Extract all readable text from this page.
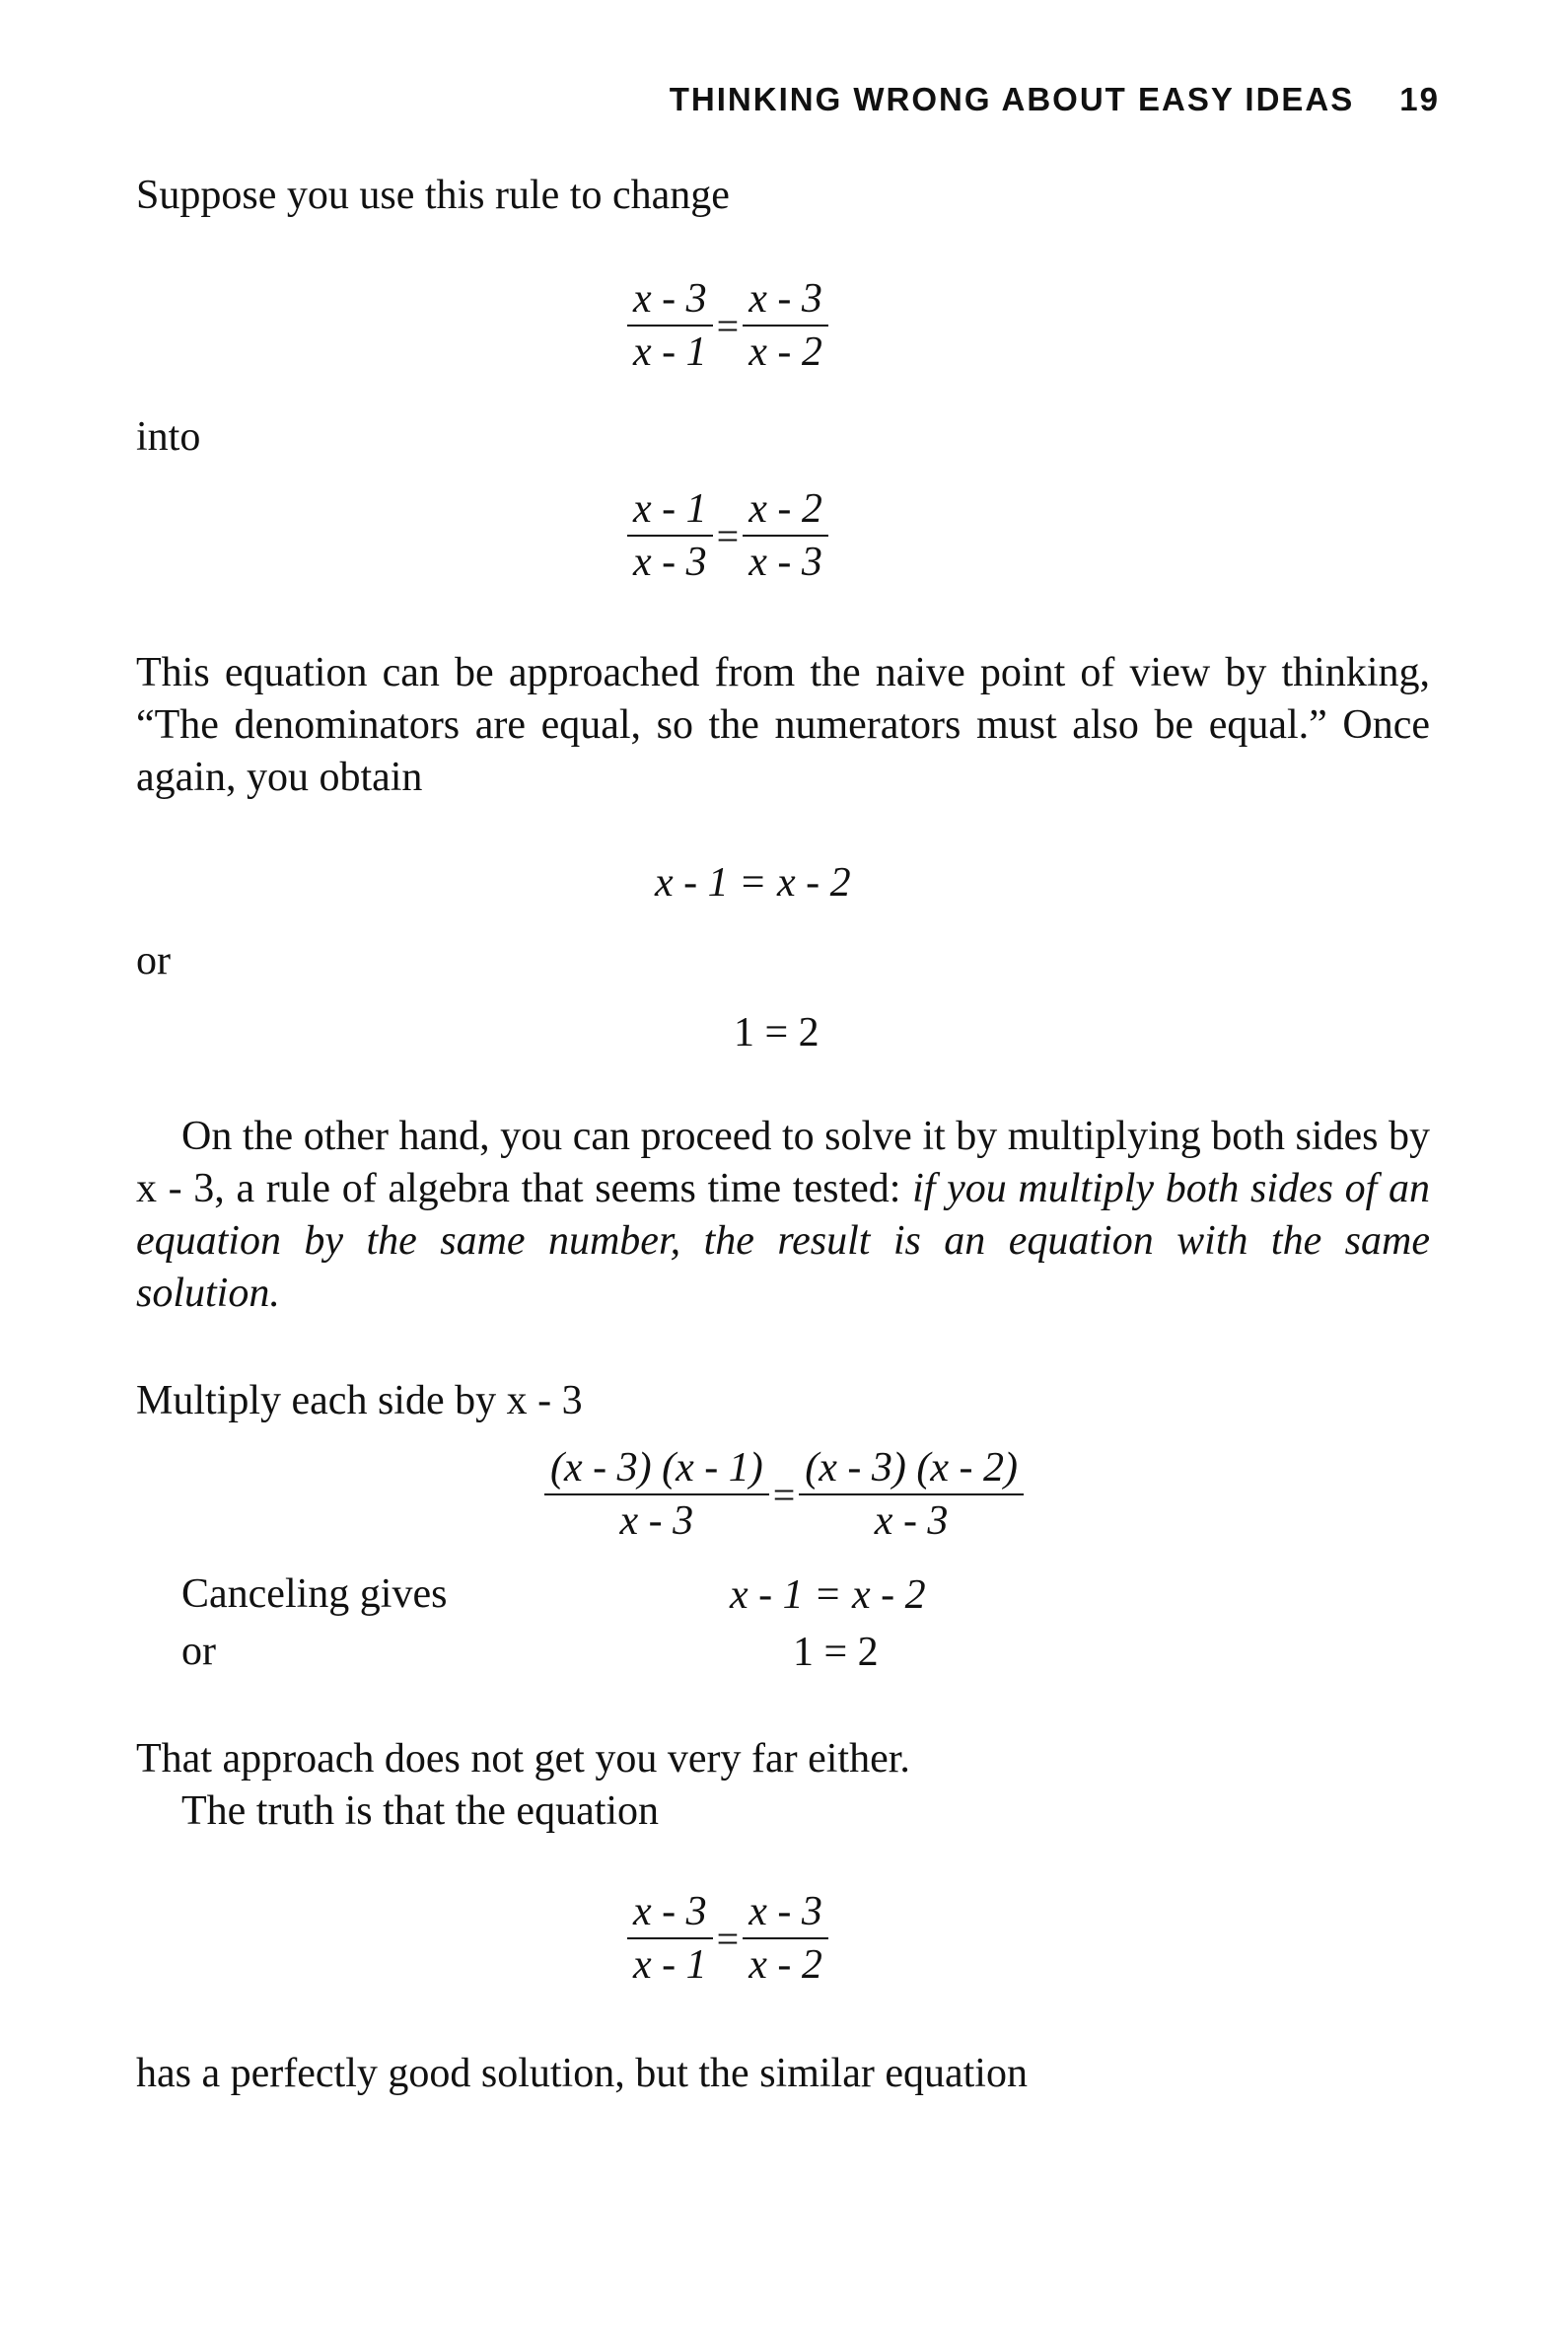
THINKING WRONG ABOUT EASY IDEAS 19
Suppose you use this rule to change
$\frac{x - 3}{x - 1} = \frac{x - 3}{x - 2}$
into
$\frac{x - 1}{x - 3} = \frac{x - 2}{x - 3}$
This equation can be approached from the naive point of view by thinking, “The denominators are equal, so the numerators must also be equal.” Once again, you obtain
x - 1 = x - 2
or
1 = 2
On the other hand, you can proceed to solve it by multiplying both sides by x - 3, a rule of algebra that seems time tested: if you multiply both sides of an equation by the same number, the result is an equation with the same solution.
Multiply each side by x - 3
$\frac{(x - 3) (x - 1)}{x - 3} = \frac{(x - 3) (x - 2)}{x - 3}$
Canceling gives	x - 1 = x - 2
or	1 = 2
That approach does not get you very far either.
The truth is that the equation
$\frac{x - 3}{x - 1} = \frac{x - 3}{x - 2}$
has a perfectly good solution, but the similar equation
